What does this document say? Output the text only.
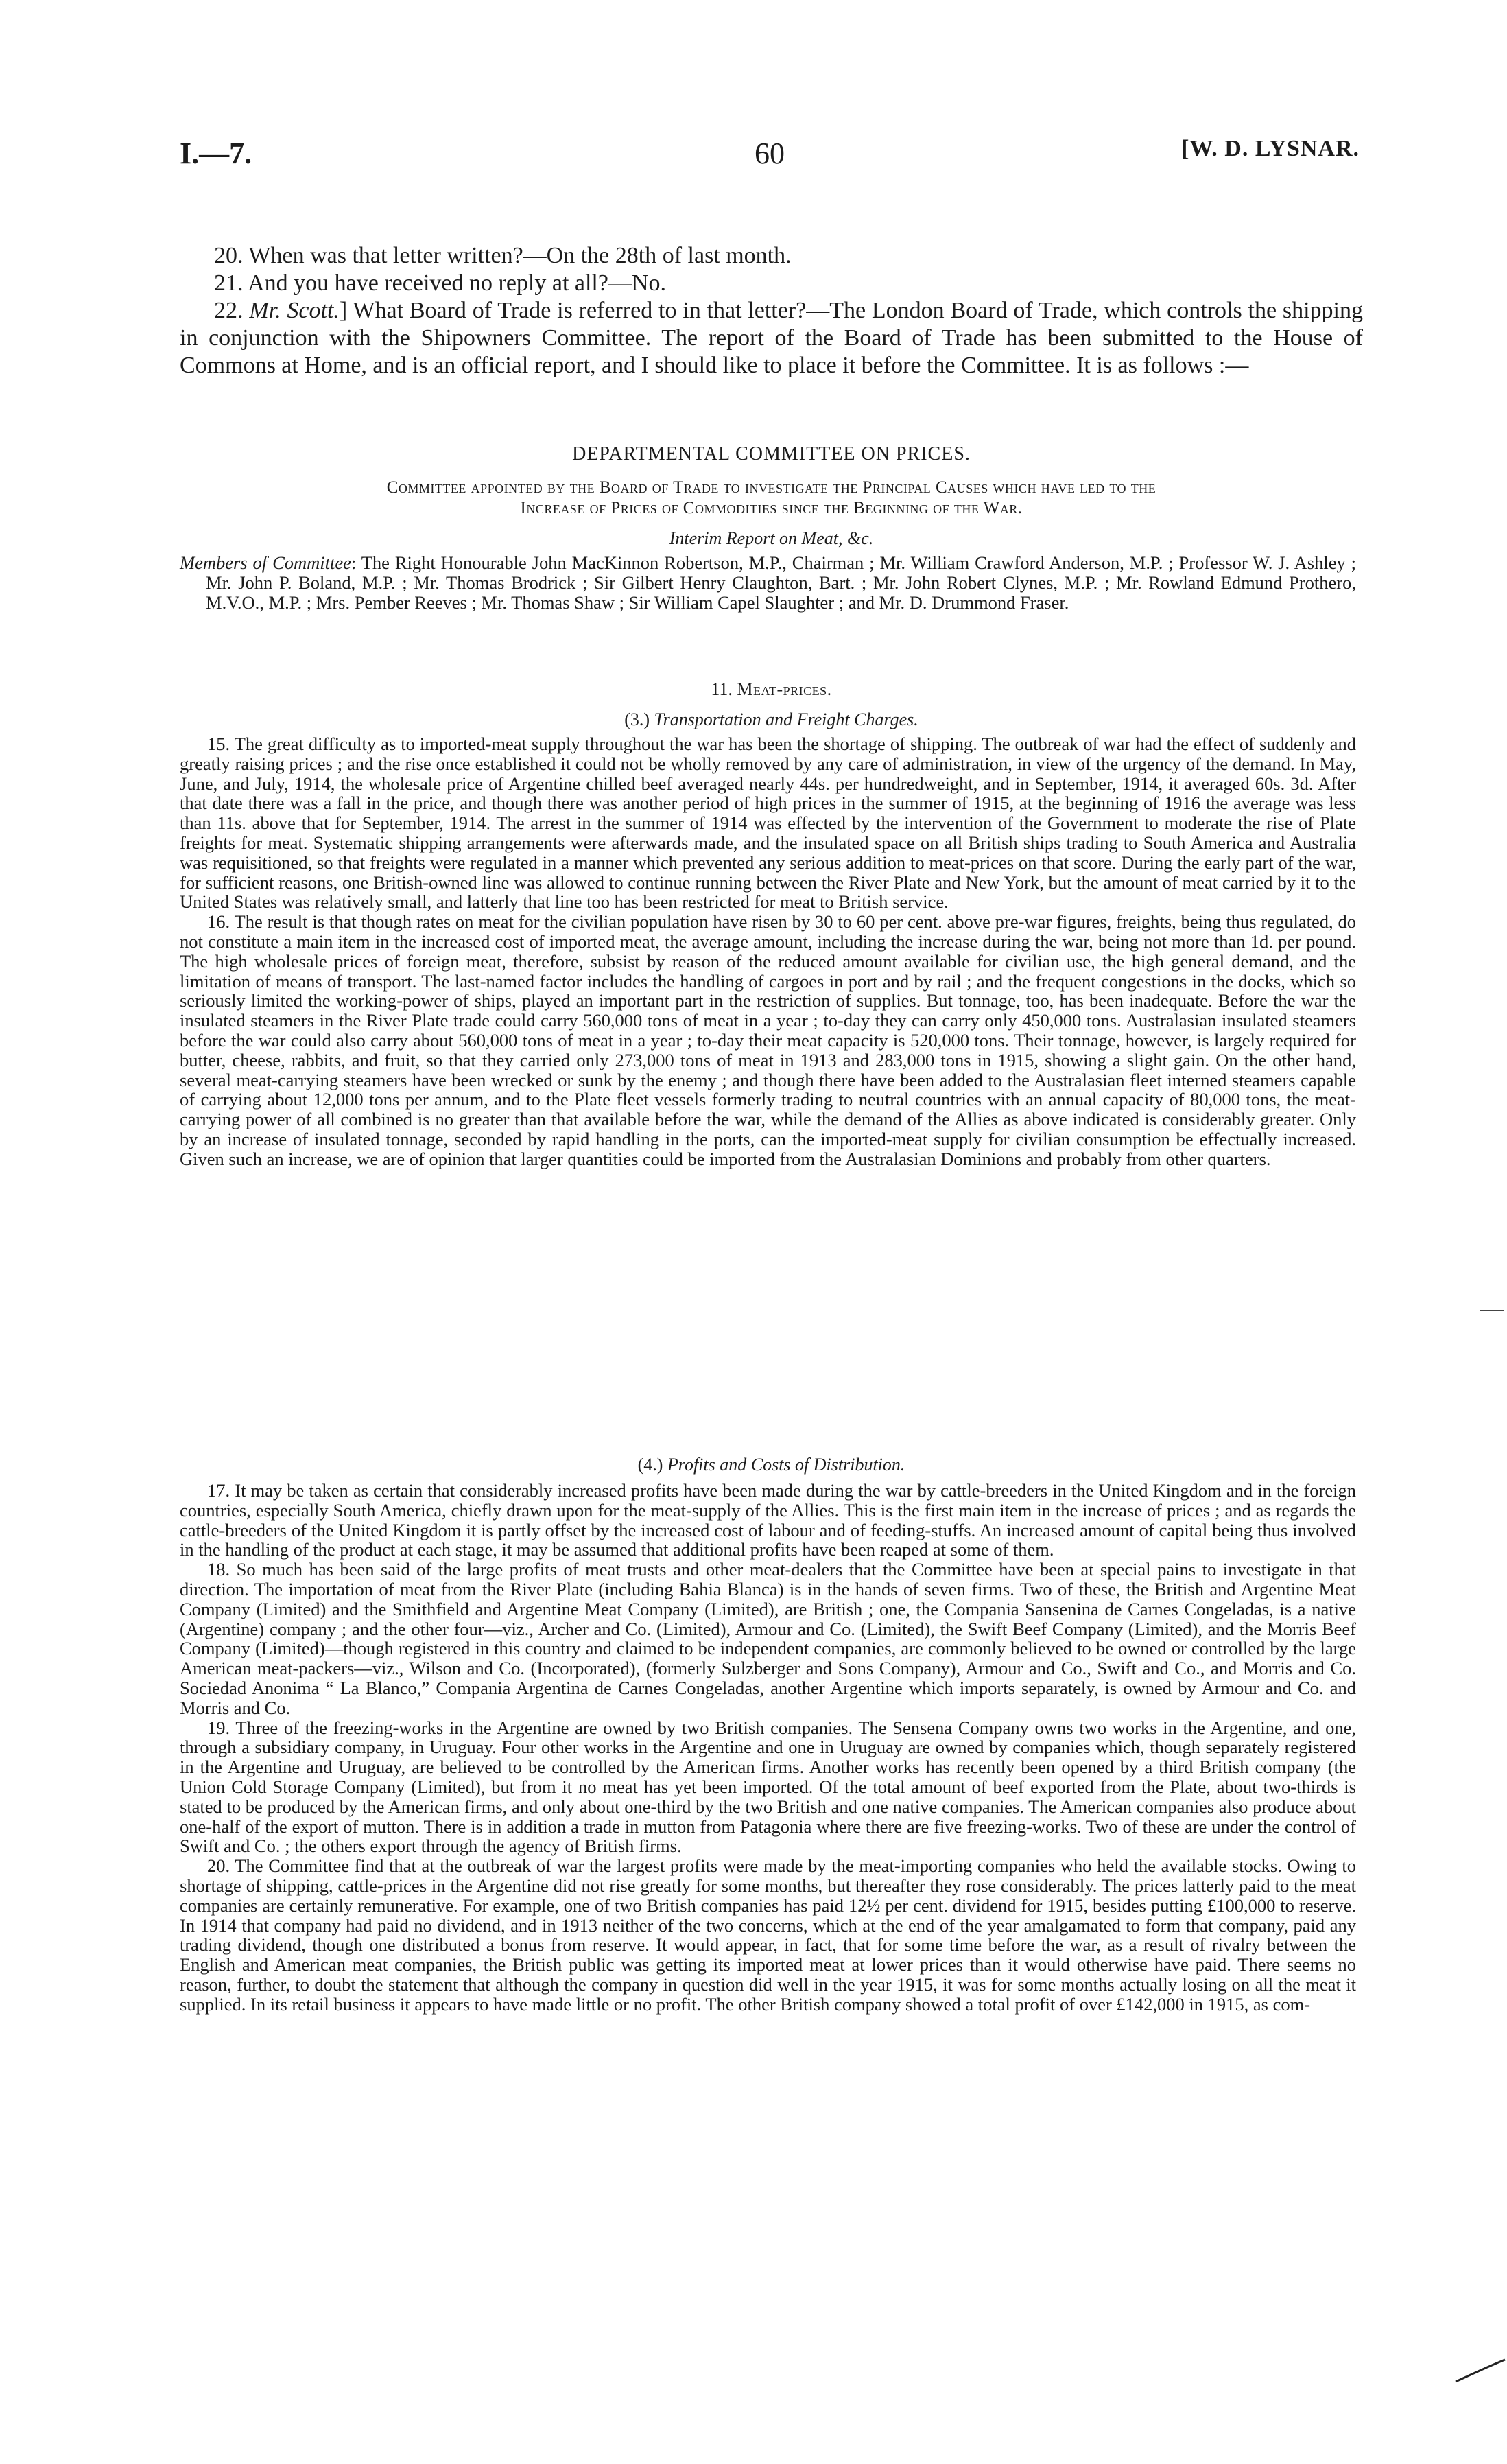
I.—7.	60	[W. D. LYSNAR.

20. When was that letter written?—On the 28th of last month.

21. And you have received no reply at all?—No.

22. Mr. Scott.] What Board of Trade is referred to in that letter?—The London Board of Trade, which controls the shipping in conjunction with the Shipowners Committee. The report of the Board of Trade has been submitted to the House of Commons at Home, and is an official report, and I should like to place it before the Committee. It is as follows :—

DEPARTMENTAL COMMITTEE ON PRICES.
Committee appointed by the Board of Trade to investigate the Principal Causes which have led to the
Increase of Prices of Commodities since the Beginning of the War.
Interim Report on Meat, &c.

Members of Committee: The Right Honourable John MacKinnon Robertson, M.P., Chairman ; Mr. William Crawford Anderson, M.P. ; Professor W. J. Ashley ; Mr. John P. Boland, M.P. ; Mr. Thomas Brodrick ; Sir Gilbert Henry Claughton, Bart. ; Mr. John Robert Clynes, M.P. ; Mr. Rowland Edmund Prothero, M.V.O., M.P. ; Mrs. Pember Reeves ; Mr. Thomas Shaw ; Sir William Capel Slaughter ; and Mr. D. Drummond Fraser.

11. Meat-prices.
(3.) Transportation and Freight Charges.

15. The great difficulty as to imported-meat supply throughout the war has been the shortage of shipping. The outbreak of war had the effect of suddenly and greatly raising prices ; and the rise once established it could not be wholly removed by any care of administration, in view of the urgency of the demand. In May, June, and July, 1914, the wholesale price of Argentine chilled beef averaged nearly 44s. per hundredweight, and in September, 1914, it averaged 60s. 3d. After that date there was a fall in the price, and though there was another period of high prices in the summer of 1915, at the beginning of 1916 the average was less than 11s. above that for September, 1914. The arrest in the summer of 1914 was effected by the intervention of the Government to moderate the rise of Plate freights for meat. Systematic shipping arrangements were afterwards made, and the insulated space on all British ships trading to South America and Australia was requisitioned, so that freights were regulated in a manner which prevented any serious addition to meat-prices on that score. During the early part of the war, for sufficient reasons, one British-owned line was allowed to continue running between the River Plate and New York, but the amount of meat carried by it to the United States was relatively small, and latterly that line too has been restricted for meat to British service.

16. The result is that though rates on meat for the civilian population have risen by 30 to 60 per cent. above pre-war figures, freights, being thus regulated, do not constitute a main item in the increased cost of imported meat, the average amount, including the increase during the war, being not more than 1d. per pound. The high wholesale prices of foreign meat, therefore, subsist by reason of the reduced amount available for civilian use, the high general demand, and the limitation of means of transport. The last-named factor includes the handling of cargoes in port and by rail ; and the frequent congestions in the docks, which so seriously limited the working-power of ships, played an important part in the restriction of supplies. But tonnage, too, has been inadequate. Before the war the insulated steamers in the River Plate trade could carry 560,000 tons of meat in a year ; to-day they can carry only 450,000 tons. Australasian insulated steamers before the war could also carry about 560,000 tons of meat in a year ; to-day their meat capacity is 520,000 tons. Their tonnage, however, is largely required for butter, cheese, rabbits, and fruit, so that they carried only 273,000 tons of meat in 1913 and 283,000 tons in 1915, showing a slight gain. On the other hand, several meat-carrying steamers have been wrecked or sunk by the enemy ; and though there have been added to the Australasian fleet interned steamers capable of carrying about 12,000 tons per annum, and to the Plate fleet vessels formerly trading to neutral countries with an annual capacity of 80,000 tons, the meat-carrying power of all combined is no greater than that available before the war, while the demand of the Allies as above indicated is considerably greater. Only by an increase of insulated tonnage, seconded by rapid handling in the ports, can the imported-meat supply for civilian consumption be effectually increased. Given such an increase, we are of opinion that larger quantities could be imported from the Australasian Dominions and probably from other quarters.

(4.) Profits and Costs of Distribution.

17. It may be taken as certain that considerably increased profits have been made during the war by cattle-breeders in the United Kingdom and in the foreign countries, especially South America, chiefly drawn upon for the meat-supply of the Allies. This is the first main item in the increase of prices ; and as regards the cattle-breeders of the United Kingdom it is partly offset by the increased cost of labour and of feeding-stuffs. An increased amount of capital being thus involved in the handling of the product at each stage, it may be assumed that additional profits have been reaped at some of them.

18. So much has been said of the large profits of meat trusts and other meat-dealers that the Committee have been at special pains to investigate in that direction. The importation of meat from the River Plate (including Bahia Blanca) is in the hands of seven firms. Two of these, the British and Argentine Meat Company (Limited) and the Smithfield and Argentine Meat Company (Limited), are British ; one, the Compania Sansenina de Carnes Congeladas, is a native (Argentine) company ; and the other four—viz., Archer and Co. (Limited), Armour and Co. (Limited), the Swift Beef Company (Limited), and the Morris Beef Company (Limited)—though registered in this country and claimed to be independent companies, are commonly believed to be owned or controlled by the large American meat-packers—viz., Wilson and Co. (Incorporated), (formerly Sulzberger and Sons Company), Armour and Co., Swift and Co., and Morris and Co. Sociedad Anonima “ La Blanco,” Compania Argentina de Carnes Congeladas, another Argentine which imports separately, is owned by Armour and Co. and Morris and Co.

19. Three of the freezing-works in the Argentine are owned by two British companies. The Sensena Company owns two works in the Argentine, and one, through a subsidiary company, in Uruguay. Four other works in the Argentine and one in Uruguay are owned by companies which, though separately registered in the Argentine and Uruguay, are believed to be controlled by the American firms. Another works has recently been opened by a third British company (the Union Cold Storage Company (Limited), but from it no meat has yet been imported. Of the total amount of beef exported from the Plate, about two-thirds is stated to be produced by the American firms, and only about one-third by the two British and one native companies. The American companies also produce about one-half of the export of mutton. There is in addition a trade in mutton from Patagonia where there are five freezing-works. Two of these are under the control of Swift and Co. ; the others export through the agency of British firms.

20. The Committee find that at the outbreak of war the largest profits were made by the meat-importing companies who held the available stocks. Owing to shortage of shipping, cattle-prices in the Argentine did not rise greatly for some months, but thereafter they rose considerably. The prices latterly paid to the meat companies are certainly remunerative. For example, one of two British companies has paid 12½ per cent. dividend for 1915, besides putting £100,000 to reserve. In 1914 that company had paid no dividend, and in 1913 neither of the two concerns, which at the end of the year amalgamated to form that company, paid any trading dividend, though one distributed a bonus from reserve. It would appear, in fact, that for some time before the war, as a result of rivalry between the English and American meat companies, the British public was getting its imported meat at lower prices than it would otherwise have paid. There seems no reason, further, to doubt the statement that although the company in question did well in the year 1915, it was for some months actually losing on all the meat it supplied. In its retail business it appears to have made little or no profit. The other British company showed a total profit of over £142,000 in 1915, as com-
